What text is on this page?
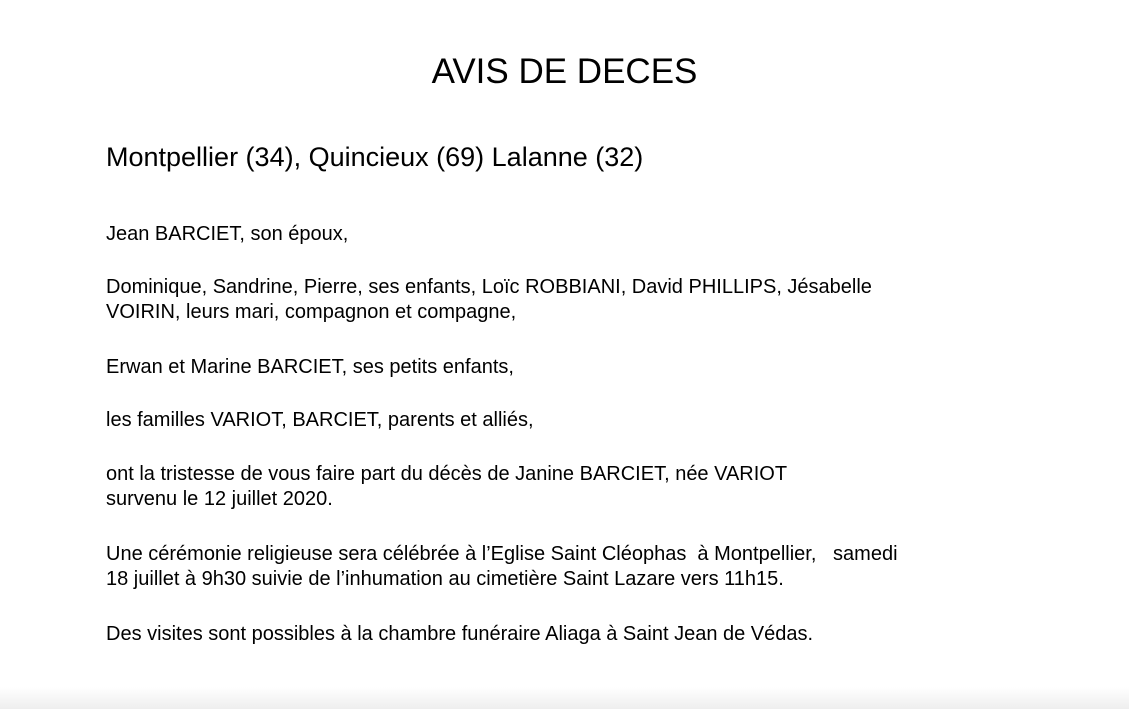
AVIS DE DECES

Montpellier (34), Quincieux (69) Lalanne (32)

Jean BARCIET, son époux,

Dominique, Sandrine, Pierre, ses enfants, Loïc ROBBIANI, David PHILLIPS, Jésabelle
VOIRIN, leurs mari, compagnon et compagne,

Erwan et Marine BARCIET, ses petits enfants,

les familles VARIOT, BARCIET, parents et alliés,

ont la tristesse de vous faire part du décès de Janine BARCIET, née VARIOT
survenu le 12 juillet 2020.

Une cérémonie religieuse sera célébrée à l’Eglise Saint Cléophas  à Montpellier,   samedi
18 juillet à 9h30 suivie de l’inhumation au cimetière Saint Lazare vers 11h15.

Des visites sont possibles à la chambre funéraire Aliaga à Saint Jean de Védas.
